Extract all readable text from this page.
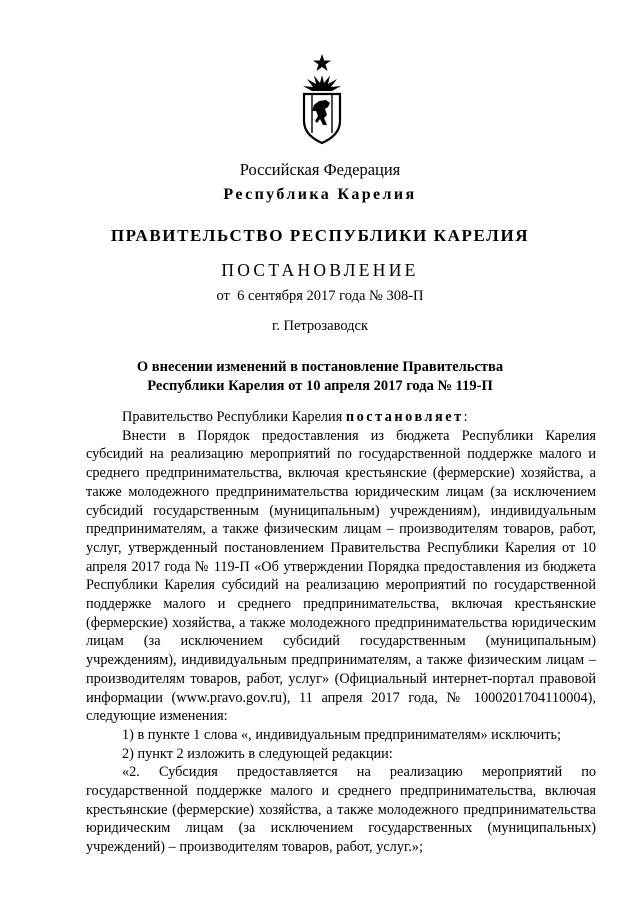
Российская Федерация
Республика Карелия
ПРАВИТЕЛЬСТВО РЕСПУБЛИКИ КАРЕЛИЯ
ПОСТАНОВЛЕНИЕ
от  6 сентября 2017 года № 308-П
г. Петрозаводск
О внесении изменений в постановление Правительства
Республики Карелия от 10 апреля 2017 года № 119-П

Правительство Республики Карелия постановляет:

Внести в Порядок предоставления из бюджета Республики Карелия субсидий на реализацию мероприятий по государственной поддержке малого и среднего предпринимательства, включая крестьянские (фермерские) хозяйства, а также молодежного предпринимательства юридическим лицам (за исключением субсидий государственным (муниципальным) учреждениям), индивидуальным предпринимателям, а также физическим лицам – производителям товаров, работ, услуг, утвержденный постановлением Правительства Республики Карелия от 10 апреля 2017 года № 119-П «Об утверждении Порядка предоставления из бюджета Республики Карелия субсидий на реализацию мероприятий по государственной поддержке малого и среднего предпринимательства, включая крестьянские (фермерские) хозяйства, а также молодежного предпринимательства юридическим лицам (за исключением субсидий государственным (муниципальным) учреждениям), индивидуальным предпринимателям, а также физическим лицам – производителям товаров, работ, услуг» (Официальный интернет-портал правовой информации (www.pravo.gov.ru), 11 апреля 2017 года, № 1000201704110004), следующие изменения:

1) в пункте 1 слова «, индивидуальным предпринимателям» исключить;

2) пункт 2 изложить в следующей редакции:

«2. Субсидия предоставляется на реализацию мероприятий по государственной поддержке малого и среднего предпринимательства, включая крестьянские (фермерские) хозяйства, а также молодежного предпринимательства юридическим лицам (за исключением государственных (муниципальных) учреждений) – производителям товаров, работ, услуг.»;
